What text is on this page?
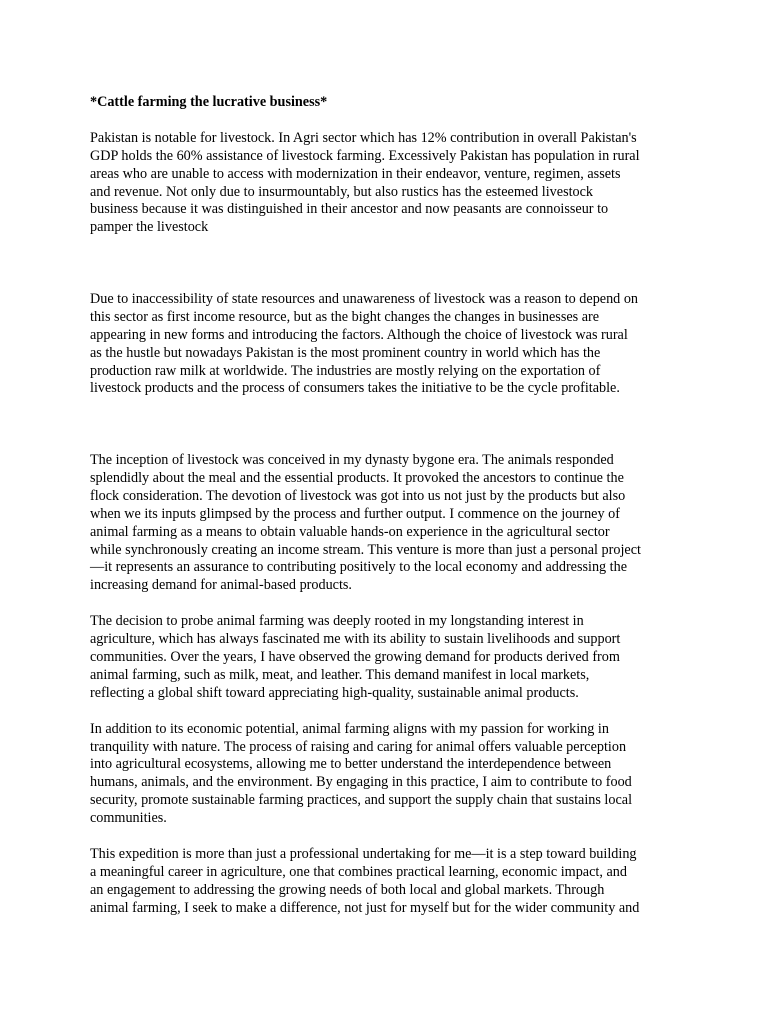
*Cattle farming the lucrative business*

Pakistan is notable for livestock. In Agri sector which has 12% contribution in overall Pakistan's
GDP holds the 60% assistance of livestock farming. Excessively Pakistan has population in rural
areas who are unable to access with modernization in their endeavor, venture, regimen, assets
and revenue. Not only due to insurmountably, but also rustics has the esteemed livestock
business because it was distinguished in their ancestor and now peasants are connoisseur to
pamper the livestock

Due to inaccessibility of state resources and unawareness of livestock was a reason to depend on
this sector as first income resource, but as the bight changes the changes in businesses are
appearing in new forms and introducing the factors. Although the choice of livestock was rural
as the hustle but nowadays Pakistan is the most prominent country in world which has the
production raw milk at worldwide. The industries are mostly relying on the exportation of
livestock products and the process of consumers takes the initiative to be the cycle profitable.

The inception of livestock was conceived in my dynasty bygone era. The animals responded
splendidly about the meal and the essential products. It provoked the ancestors to continue the
flock consideration. The devotion of livestock was got into us not just by the products but also
when we its inputs glimpsed by the process and further output. I commence on the journey of
animal farming as a means to obtain valuable hands-on experience in the agricultural sector
while synchronously creating an income stream. This venture is more than just a personal project
—it represents an assurance to contributing positively to the local economy and addressing the
increasing demand for animal-based products.

The decision to probe animal farming was deeply rooted in my longstanding interest in
agriculture, which has always fascinated me with its ability to sustain livelihoods and support
communities. Over the years, I have observed the growing demand for products derived from
animal farming, such as milk, meat, and leather. This demand manifest in local markets,
reflecting a global shift toward appreciating high-quality, sustainable animal products.

In addition to its economic potential, animal farming aligns with my passion for working in
tranquility with nature. The process of raising and caring for animal offers valuable perception
into agricultural ecosystems, allowing me to better understand the interdependence between
humans, animals, and the environment. By engaging in this practice, I aim to contribute to food
security, promote sustainable farming practices, and support the supply chain that sustains local
communities.

This expedition is more than just a professional undertaking for me—it is a step toward building
a meaningful career in agriculture, one that combines practical learning, economic impact, and
an engagement to addressing the growing needs of both local and global markets. Through
animal farming, I seek to make a difference, not just for myself but for the wider community and
